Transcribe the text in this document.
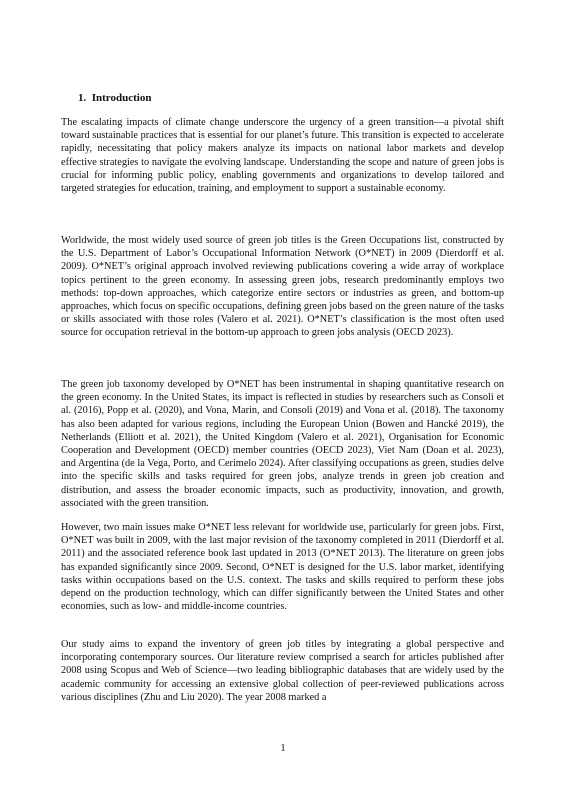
1. Introduction

The escalating impacts of climate change underscore the urgency of a green transition—a pivotal shift toward sustainable practices that is essential for our planet’s future. This transition is expected to accelerate rapidly, necessitating that policy makers analyze its impacts on national labor markets and develop effective strategies to navigate the evolving landscape. Understanding the scope and nature of green jobs is crucial for informing public policy, enabling governments and organizations to develop tailored and targeted strategies for education, training, and employment to support a sustainable economy.

Worldwide, the most widely used source of green job titles is the Green Occupations list, constructed by the U.S. Department of Labor’s Occupational Information Network (O*NET) in 2009 (Dierdorff et al. 2009). O*NET’s original approach involved reviewing publications covering a wide array of workplace topics pertinent to the green economy. In assessing green jobs, research predominantly employs two methods: top-down approaches, which categorize entire sectors or industries as green, and bottom-up approaches, which focus on specific occupations, defining green jobs based on the green nature of the tasks or skills associated with those roles (Valero et al. 2021). O*NET’s classification is the most often used source for occupation retrieval in the bottom-up approach to green jobs analysis (OECD 2023).

The green job taxonomy developed by O*NET has been instrumental in shaping quantitative research on the green economy. In the United States, its impact is reflected in studies by researchers such as Consoli et al. (2016), Popp et al. (2020), and Vona, Marin, and Consoli (2019) and Vona et al. (2018). The taxonomy has also been adapted for various regions, including the European Union (Bowen and Hancké 2019), the Netherlands (Elliott et al. 2021), the United Kingdom (Valero et al. 2021), Organisation for Economic Cooperation and Development (OECD) member countries (OECD 2023), Viet Nam (Doan et al. 2023), and Argentina (de la Vega, Porto, and Cerimelo 2024). After classifying occupations as green, studies delve into the specific skills and tasks required for green jobs, analyze trends in green job creation and distribution, and assess the broader economic impacts, such as productivity, innovation, and growth, associated with the green transition.

However, two main issues make O*NET less relevant for worldwide use, particularly for green jobs. First, O*NET was built in 2009, with the last major revision of the taxonomy completed in 2011 (Dierdorff et al. 2011) and the associated reference book last updated in 2013 (O*NET 2013). The literature on green jobs has expanded significantly since 2009. Second, O*NET is designed for the U.S. labor market, identifying tasks within occupations based on the U.S. context. The tasks and skills required to perform these jobs depend on the production technology, which can differ significantly between the United States and other economies, such as low- and middle-income countries.

Our study aims to expand the inventory of green job titles by integrating a global perspective and incorporating contemporary sources. Our literature review comprised a search for articles published after 2008 using Scopus and Web of Science—two leading bibliographic databases that are widely used by the academic community for accessing an extensive global collection of peer-reviewed publications across various disciplines (Zhu and Liu 2020). The year 2008 marked a

1
